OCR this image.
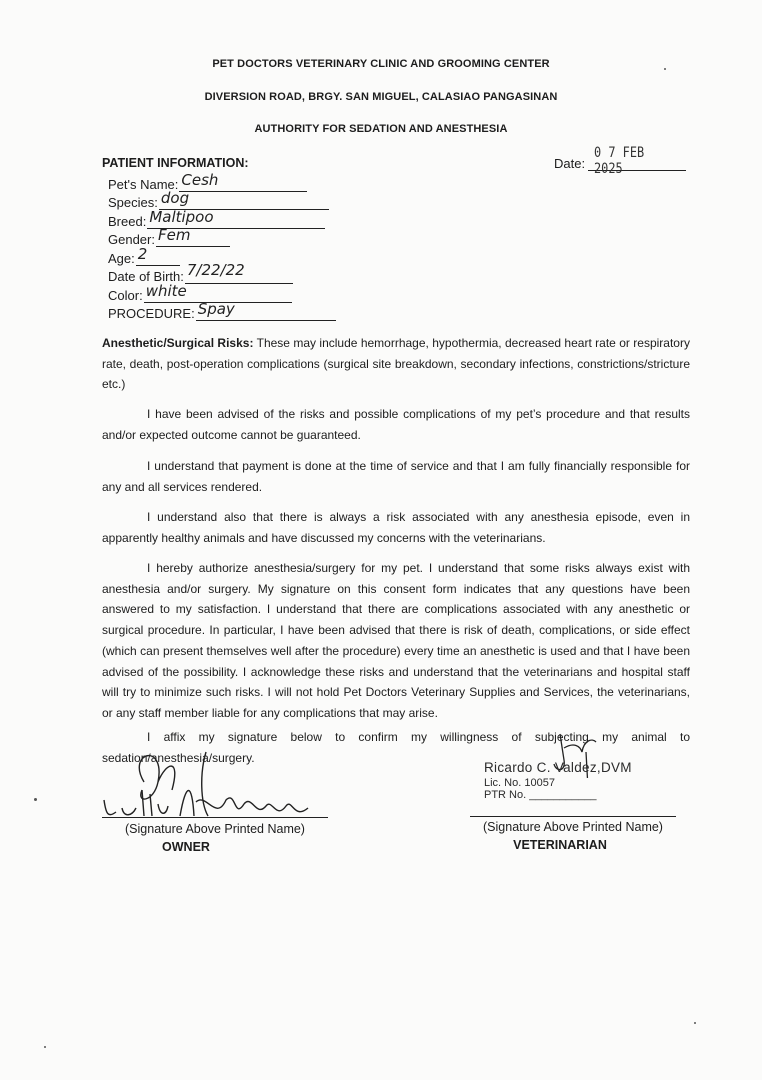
PET DOCTORS VETERINARY CLINIC AND GROOMING CENTER
DIVERSION ROAD, BRGY. SAN MIGUEL, CALASIAO PANGASINAN
AUTHORITY FOR SEDATION AND ANESTHESIA
PATIENT INFORMATION:	Date:
0 7 FEB 2025
Pet's Name: Cesh
Species: dog
Breed: Maltipoo
Gender: Fem
Age: 2
Date of Birth: 7/22/22
Color: white
PROCEDURE: Spay
Anesthetic/Surgical Risks: These may include hemorrhage, hypothermia, decreased heart rate or respiratory rate, death, post-operation complications (surgical site breakdown, secondary infections, constrictions/stricture etc.)
I have been advised of the risks and possible complications of my pet’s procedure and that results and/or expected outcome cannot be guaranteed.
I understand that payment is done at the time of service and that I am fully financially responsible for any and all services rendered.
I understand also that there is always a risk associated with any anesthesia episode, even in apparently healthy animals and have discussed my concerns with the veterinarians.
I hereby authorize anesthesia/surgery for my pet. I understand that some risks always exist with anesthesia and/or surgery. My signature on this consent form indicates that any questions have been answered to my satisfaction. I understand that there are complications associated with any anesthetic or surgical procedure. In particular, I have been advised that there is risk of death, complications, or side effect (which can present themselves well after the procedure) every time an anesthetic is used and that I have been advised of the possibility. I acknowledge these risks and understand that the veterinarians and hospital staff will try to minimize such risks. I will not hold Pet Doctors Veterinary Supplies and Services, the veterinarians, or any staff member liable for any complications that may arise.
I affix my signature below to confirm my willingness of subjecting my animal to sedation/anesthesia/surgery.
(Signature Above Printed Name)
OWNER
Ricardo C. Valdez,DVM
Lic. No. 10057
PTR No. ___________
(Signature Above Printed Name)
VETERINARIAN
